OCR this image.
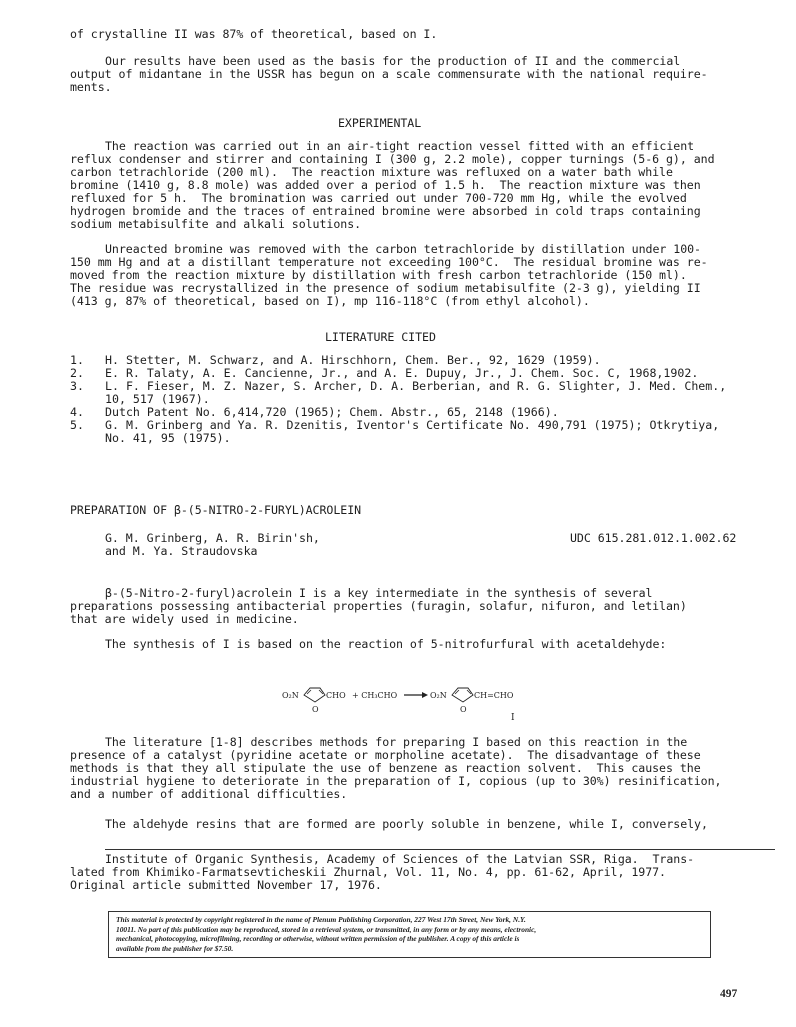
of crystalline II was 87% of theoretical, based on I.
Our results have been used as the basis for the production of II and the commercial
output of midantane in the USSR has begun on a scale commensurate with the national require-
ments.
EXPERIMENTAL
The reaction was carried out in an air-tight reaction vessel fitted with an efficient
reflux condenser and stirrer and containing I (300 g, 2.2 mole), copper turnings (5-6 g), and
carbon tetrachloride (200 ml).  The reaction mixture was refluxed on a water bath while
bromine (1410 g, 8.8 mole) was added over a period of 1.5 h.  The reaction mixture was then
refluxed for 5 h.  The bromination was carried out under 700-720 mm Hg, while the evolved
hydrogen bromide and the traces of entrained bromine were absorbed in cold traps containing
sodium metabisulfite and alkali solutions.
Unreacted bromine was removed with the carbon tetrachloride by distillation under 100-
150 mm Hg and at a distillant temperature not exceeding 100°C.  The residual bromine was re-
moved from the reaction mixture by distillation with fresh carbon tetrachloride (150 ml).
The residue was recrystallized in the presence of sodium metabisulfite (2-3 g), yielding II
(413 g, 87% of theoretical, based on I), mp 116-118°C (from ethyl alcohol).
LITERATURE CITED
1. H. Stetter, M. Schwarz, and A. Hirschhorn, Chem. Ber., 92, 1629 (1959).
2. E. R. Talaty, A. E. Cancienne, Jr., and A. E. Dupuy, Jr., J. Chem. Soc. C, 1968,1902.
3. L. F. Fieser, M. Z. Nazer, S. Archer, D. A. Berberian, and R. G. Slighter, J. Med. Chem.,
10, 517 (1967).
4. Dutch Patent No. 6,414,720 (1965); Chem. Abstr., 65, 2148 (1966).
5. G. M. Grinberg and Ya. R. Dzenitis, Iventor's Certificate No. 490,791 (1975); Otkrytiya,
No. 41, 95 (1975).
PREPARATION OF β-(5-NITRO-2-FURYL)ACROLEIN
G. M. Grinberg, A. R. Birin'sh,
and M. Ya. Straudovska
UDC 615.281.012.1.002.62
β-(5-Nitro-2-furyl)acrolein I is a key intermediate in the synthesis of several
preparations possessing antibacterial properties (furagin, solafur, nifuron, and letilan)
that are widely used in medicine.
The synthesis of I is based on the reaction of 5-nitrofurfural with acetaldehyde:
O₂N
O
CHO + CH₃CHO	O₂N
O
CH=CHO
I
The literature [1-8] describes methods for preparing I based on this reaction in the
presence of a catalyst (pyridine acetate or morpholine acetate).  The disadvantage of these
methods is that they all stipulate the use of benzene as reaction solvent.  This causes the
industrial hygiene to deteriorate in the preparation of I, copious (up to 30%) resinification,
and a number of additional difficulties.
The aldehyde resins that are formed are poorly soluble in benzene, while I, conversely,
Institute of Organic Synthesis, Academy of Sciences of the Latvian SSR, Riga.  Trans-
lated from Khimiko-Farmatsevticheskii Zhurnal, Vol. 11, No. 4, pp. 61-62, April, 1977.
Original article submitted November 17, 1976.
This material is protected by copyright registered in the name of Plenum Publishing Corporation, 227 West 17th Street, New York, N.Y.
10011. No part of this publication may be reproduced, stored in a retrieval system, or transmitted, in any form or by any means, electronic,
mechanical, photocopying, microfilming, recording or otherwise, without written permission of the publisher. A copy of this article is
available from the publisher for $7.50.
497
